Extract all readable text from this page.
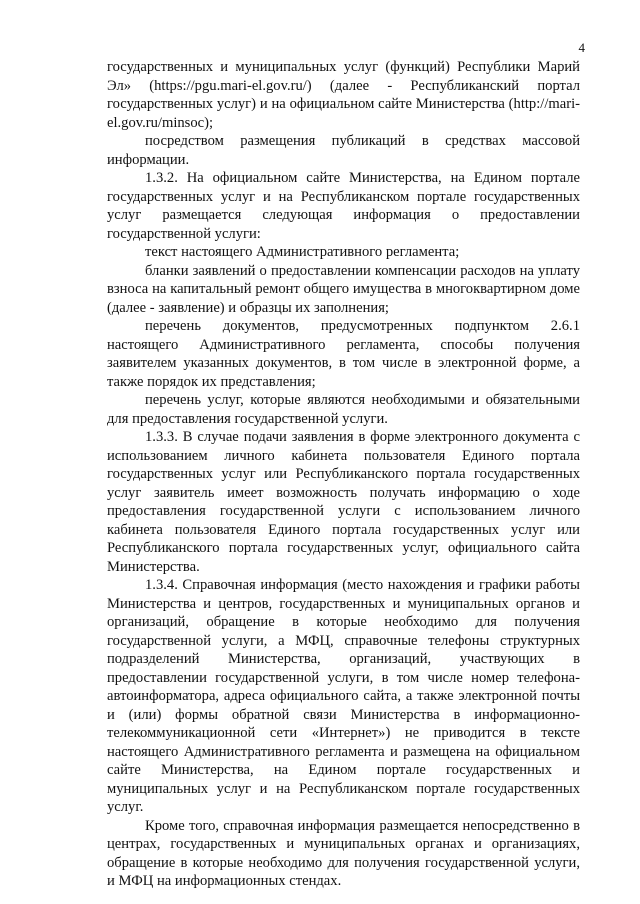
4

государственных и муниципальных услуг (функций) Республики Марий Эл» (https://pgu.mari-el.gov.ru/) (далее - Республиканский портал государственных услуг) и на официальном сайте Министерства (http://mari-el.gov.ru/minsoc);

посредством размещения публикаций в средствах массовой информации.

1.3.2. На официальном сайте Министерства, на Едином портале государственных услуг и на Республиканском портале государственных услуг размещается следующая информация о предоставлении государственной услуги:

текст настоящего Административного регламента;

бланки заявлений о предоставлении компенсации расходов на уплату взноса на капитальный ремонт общего имущества в многоквартирном доме (далее - заявление) и образцы их заполнения;

перечень документов, предусмотренных подпунктом 2.6.1 настоящего Административного регламента, способы получения заявителем указанных документов, в том числе в электронной форме, а также порядок их представления;

перечень услуг, которые являются необходимыми и обязательными для предоставления государственной услуги.

1.3.3. В случае подачи заявления в форме электронного документа с использованием личного кабинета пользователя Единого портала государственных услуг или Республиканского портала государственных услуг заявитель имеет возможность получать информацию о ходе предоставления государственной услуги с использованием личного кабинета пользователя Единого портала государственных услуг или Республиканского портала государственных услуг, официального сайта Министерства.

1.3.4. Справочная информация (место нахождения и графики работы Министерства и центров, государственных и муниципальных органов и организаций, обращение в которые необходимо для получения государственной услуги, а МФЦ, справочные телефоны структурных подразделений Министерства, организаций, участвующих в предоставлении государственной услуги, в том числе номер телефона-автоинформатора, адреса официального сайта, а также электронной почты и (или) формы обратной связи Министерства в информационно-телекоммуникационной сети «Интернет») не приводится в тексте настоящего Административного регламента и размещена на официальном сайте Министерства, на Едином портале государственных и муниципальных услуг и на Республиканском портале государственных услуг.

Кроме того, справочная информация размещается непосредственно в центрах, государственных и муниципальных органах и организациях, обращение в которые необходимо для получения государственной услуги, и МФЦ на информационных стендах.
